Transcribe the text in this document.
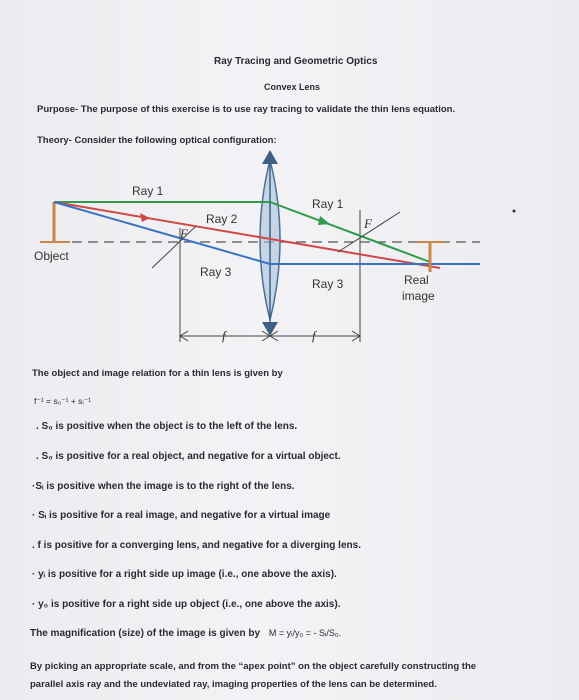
Ray Tracing and Geometric Optics
Convex Lens
Purpose- The purpose of this exercise is to use ray tracing to validate the thin lens equation.
Theory- Consider the following optical configuration:
Ray 1
Ray 1
Ray 2
Ray 3
Ray 3
Object
Real
image
F
F
f	f
The object and image relation for a thin lens is given by
f⁻¹ = s₀⁻¹ + sᵢ⁻¹
. S₀ is positive when the object is to the left of the lens.
. S₀ is positive for a real object, and negative for a virtual object.
·Sᵢ is positive when the image is to the right of the lens.
· Sᵢ is positive for a real image, and negative for a virtual image
. f is positive for a converging lens, and negative for a diverging lens.
· yᵢ is positive for a right side up image (i.e., one above the axis).
· y₀ is positive for a right side up object (i.e., one above the axis).
The magnification (size) of the image is given by M = yᵢ/y₀ = - Sᵢ/S₀.
By picking an appropriate scale, and from the “apex point” on the object carefully constructing the
parallel axis ray and the undeviated ray, imaging properties of the lens can be determined.
